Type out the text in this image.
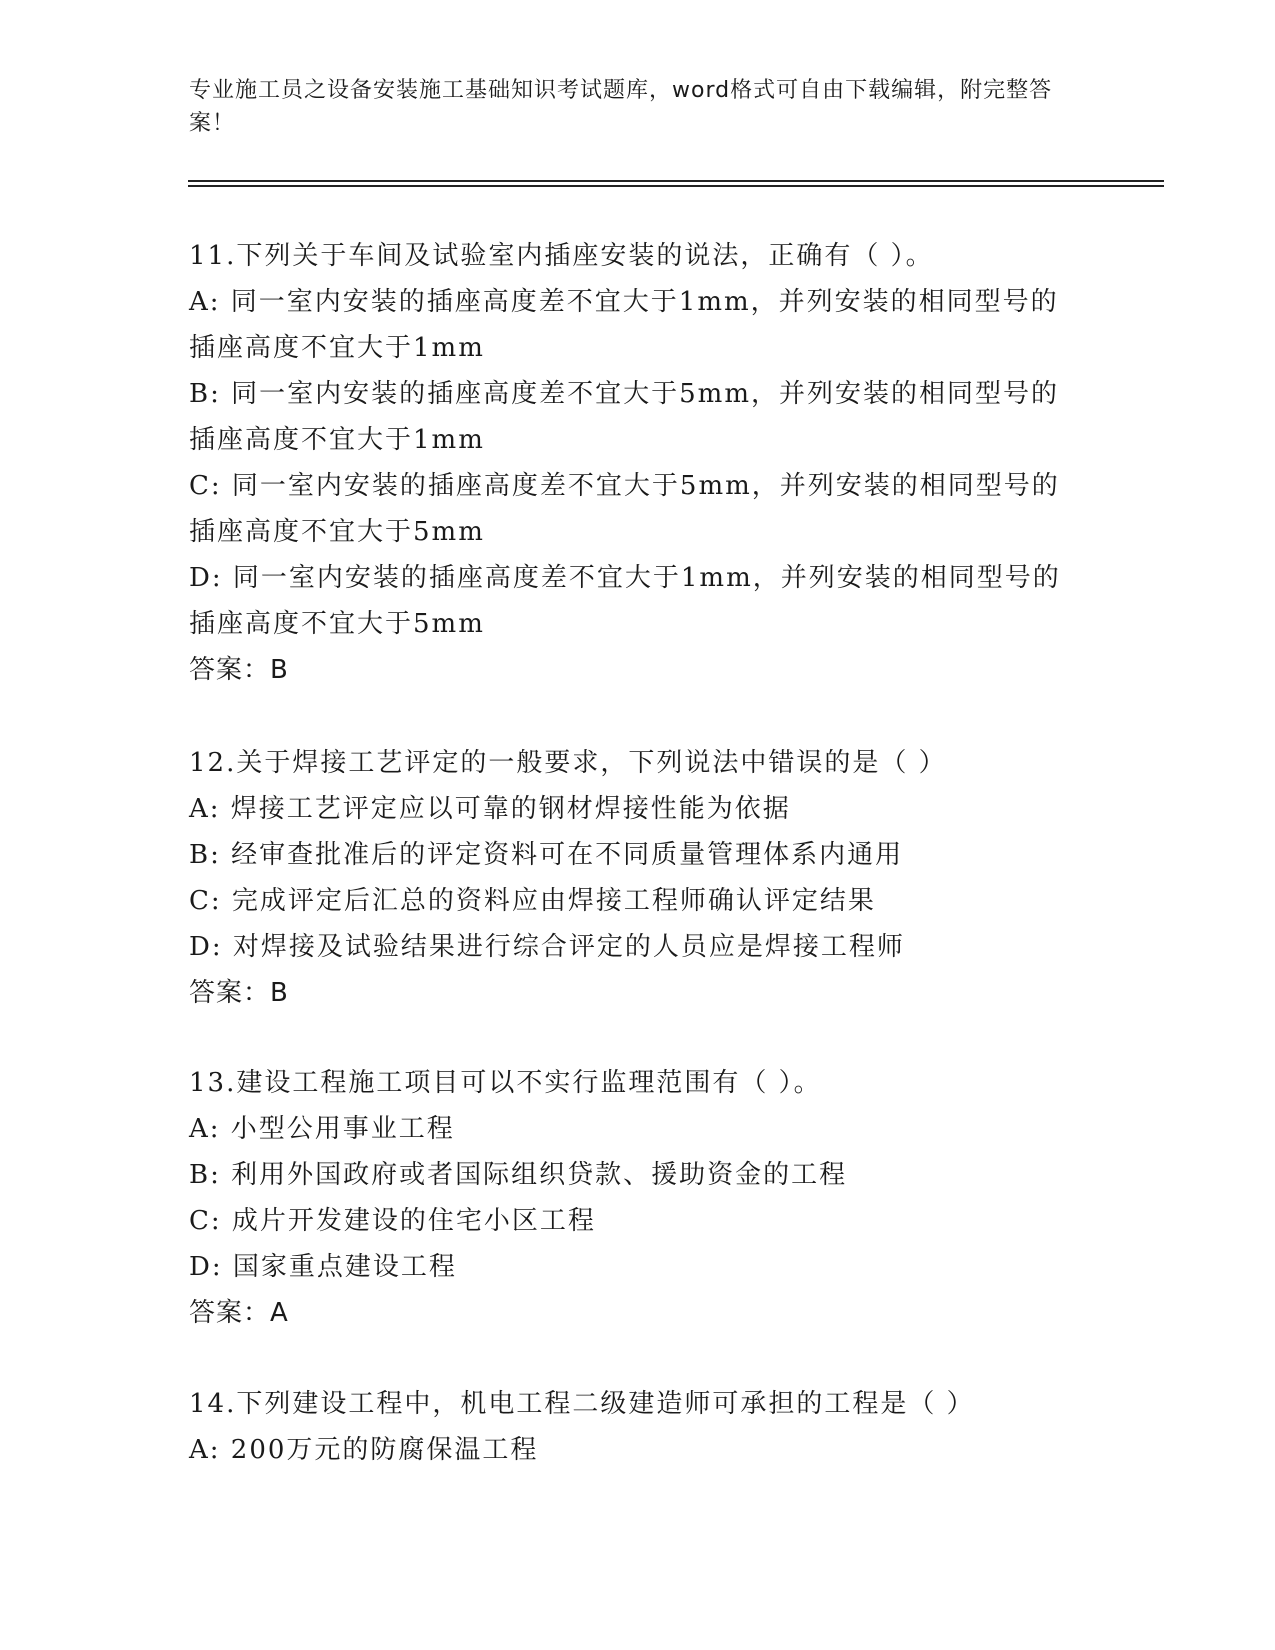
专业施工员之设备安装施工基础知识考试题库，word格式可自由下载编辑，附完整答案！
11.下列关于车间及试验室内插座安装的说法，正确有（ ）。
A: 同一室内安装的插座高度差不宜大于1mm，并列安装的相同型号的
插座高度不宜大于1mm
B: 同一室内安装的插座高度差不宜大于5mm，并列安装的相同型号的
插座高度不宜大于1mm
C: 同一室内安装的插座高度差不宜大于5mm，并列安装的相同型号的
插座高度不宜大于5mm
D: 同一室内安装的插座高度差不宜大于1mm，并列安装的相同型号的
插座高度不宜大于5mm
答案：B
12.关于焊接工艺评定的一般要求，下列说法中错误的是（ ）
A: 焊接工艺评定应以可靠的钢材焊接性能为依据
B: 经审查批准后的评定资料可在不同质量管理体系内通用
C: 完成评定后汇总的资料应由焊接工程师确认评定结果
D: 对焊接及试验结果进行综合评定的人员应是焊接工程师
答案：B
13.建设工程施工项目可以不实行监理范围有（ ）。
A: 小型公用事业工程
B: 利用外国政府或者国际组织贷款、援助资金的工程
C: 成片开发建设的住宅小区工程
D: 国家重点建设工程
答案：A
14.下列建设工程中，机电工程二级建造师可承担的工程是（ ）
A: 200万元的防腐保温工程
